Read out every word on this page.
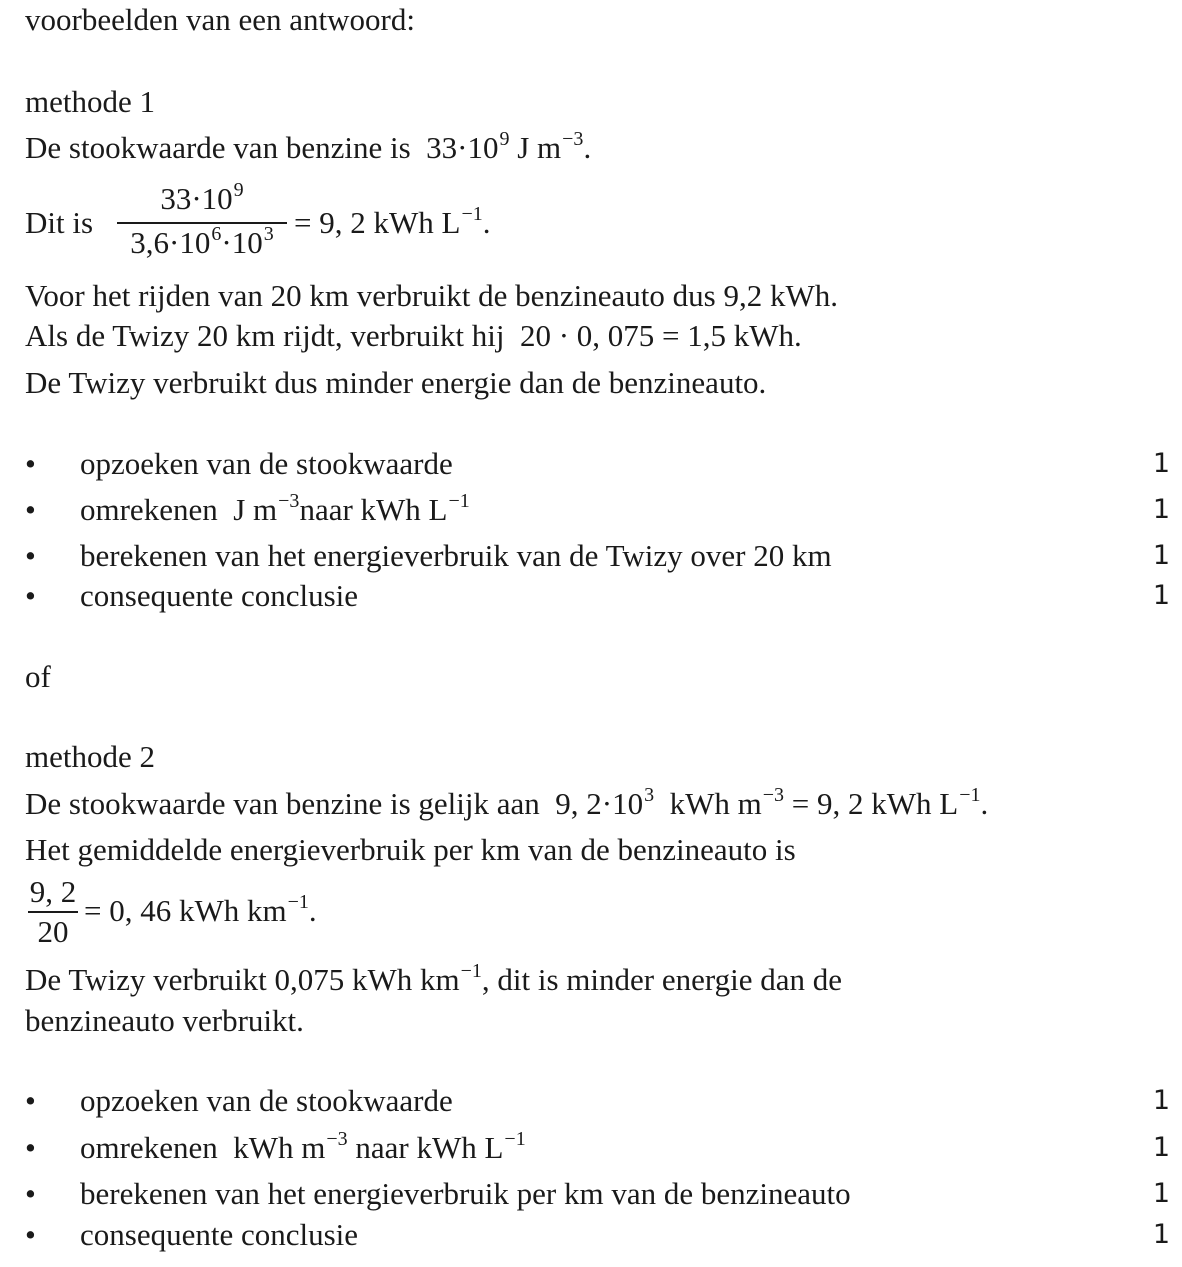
voorbeelden van een antwoord:
methode 1
De stookwaarde van benzine is $33\cdot 10^9$ J $m^{-3}$.
Dit is
$33\cdot 10^9$
$3,6\cdot 10^6\cdot 10^3 = 9$, 2 kWh $L^{-1}$.
Voor het rijden van 20 km verbruikt de benzineauto dus 9,2 kWh.
Als de Twizy 20 km rijdt, verbruikt hij 20 · 0, 075 = 1,5 kWh.
De Twizy verbruikt dus minder energie dan de benzineauto.
• opzoeken van de stookwaarde	1
• omrekenen J $m^{-3}naar$ kWh $L^{-1}$	1
• berekenen van het energieverbruik van de Twizy over 20 km	1
• consequente conclusie	1
of
methode 2
De stookwaarde van benzine is gelijk aan 9, $2\cdot 10^3$ kWh $m^{-3} = 9$, 2 kWh $L^{-1}$.
Het gemiddelde energieverbruik per km van de benzineauto is
9, 2
20
= 0, 46 kWh $km^{-1}$.
De Twizy verbruikt 0,075 kWh $km^{-1}$, dit is minder energie dan de
benzineauto verbruikt.
• opzoeken van de stookwaarde	1
• omrekenen kWh $m^{-3}$ naar kWh $L^{-1}$	1
• berekenen van het energieverbruik per km van de benzineauto	1
• consequente conclusie	1
